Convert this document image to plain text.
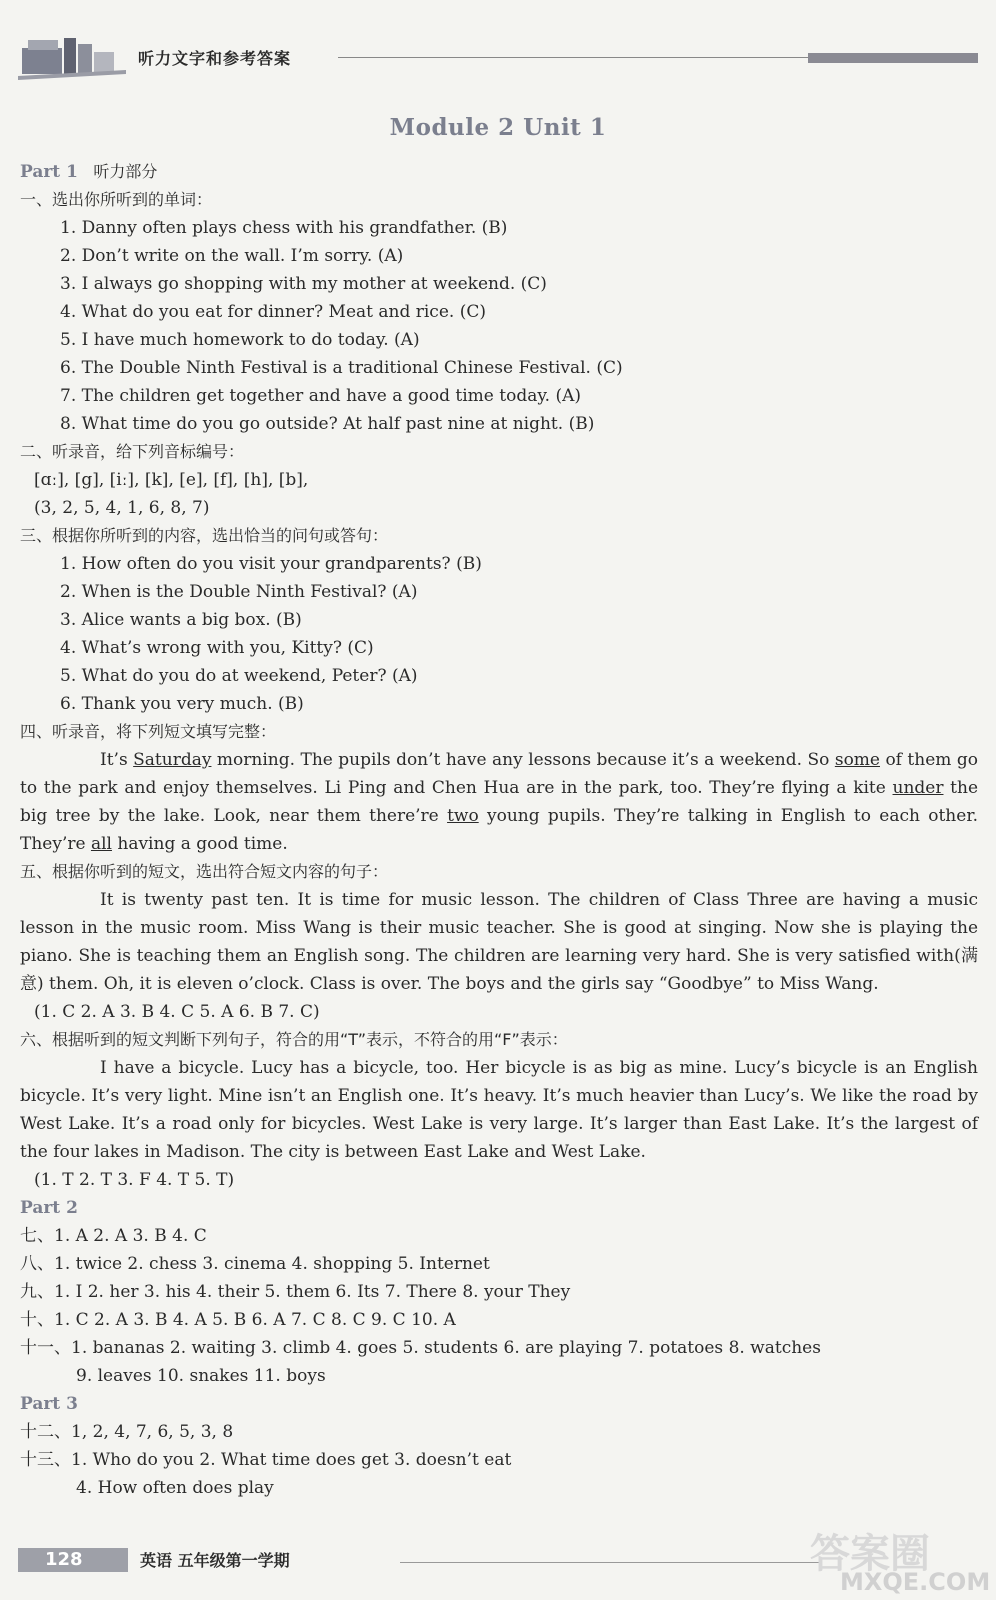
听力文字和参考答案
Module 2 Unit 1
Part 1 听力部分
一、选出你所听到的单词：
1. Danny often plays chess with his grandfather. (B)
2. Don’t write on the wall. I’m sorry. (A)
3. I always go shopping with my mother at weekend. (C)
4. What do you eat for dinner? Meat and rice. (C)
5. I have much homework to do today. (A)
6. The Double Ninth Festival is a traditional Chinese Festival. (C)
7. The children get together and have a good time today. (A)
8. What time do you go outside? At half past nine at night. (B)
二、听录音，给下列音标编号：
[ɑː], [g], [iː], [k], [e], [f], [h], [b],
(3, 2, 5, 4, 1, 6, 8, 7)
三、根据你所听到的内容，选出恰当的问句或答句：
1. How often do you visit your grandparents? (B)
2. When is the Double Ninth Festival? (A)
3. Alice wants a big box. (B)
4. What’s wrong with you, Kitty? (C)
5. What do you do at weekend, Peter? (A)
6. Thank you very much. (B)
四、听录音，将下列短文填写完整：
It’s Saturday morning. The pupils don’t have any lessons because it’s a weekend. So some of them go to the park and enjoy themselves. Li Ping and Chen Hua are in the park, too. They’re flying a kite under the big tree by the lake. Look, near them there’re two young pupils. They’re talking in English to each other. They’re all having a good time.
五、根据你听到的短文，选出符合短文内容的句子：
It is twenty past ten. It is time for music lesson. The children of Class Three are having a music lesson in the music room. Miss Wang is their music teacher. She is good at singing. Now she is playing the piano. She is teaching them an English song. The children are learning very hard. She is very satisfied with(满意) them. Oh, it is eleven o’clock. Class is over. The boys and the girls say “Goodbye” to Miss Wang.
(1. C 2. A 3. B 4. C 5. A 6. B 7. C)
六、根据听到的短文判断下列句子，符合的用“T”表示，不符合的用“F”表示：
I have a bicycle. Lucy has a bicycle, too. Her bicycle is as big as mine. Lucy’s bicycle is an English bicycle. It’s very light. Mine isn’t an English one. It’s heavy. It’s much heavier than Lucy’s. We like the road by West Lake. It’s a road only for bicycles. West Lake is very large. It’s larger than East Lake. It’s the largest of the four lakes in Madison. The city is between East Lake and West Lake.
(1. T 2. T 3. F 4. T 5. T)
Part 2
七、1. A 2. A 3. B 4. C
八、1. twice 2. chess 3. cinema 4. shopping 5. Internet
九、1. I 2. her 3. his 4. their 5. them 6. Its 7. There 8. your They
十、1. C 2. A 3. B 4. A 5. B 6. A 7. C 8. C 9. C 10. A
十一、1. bananas 2. waiting 3. climb 4. goes 5. students 6. are playing 7. potatoes 8. watches
9. leaves 10. snakes 11. boys
Part 3
十二、1, 2, 4, 7, 6, 5, 3, 8
十三、1. Who do you 2. What time does get 3. doesn’t eat
4. How often does play
128	英语 五年级第一学期	答案圈
MXQE.COM
